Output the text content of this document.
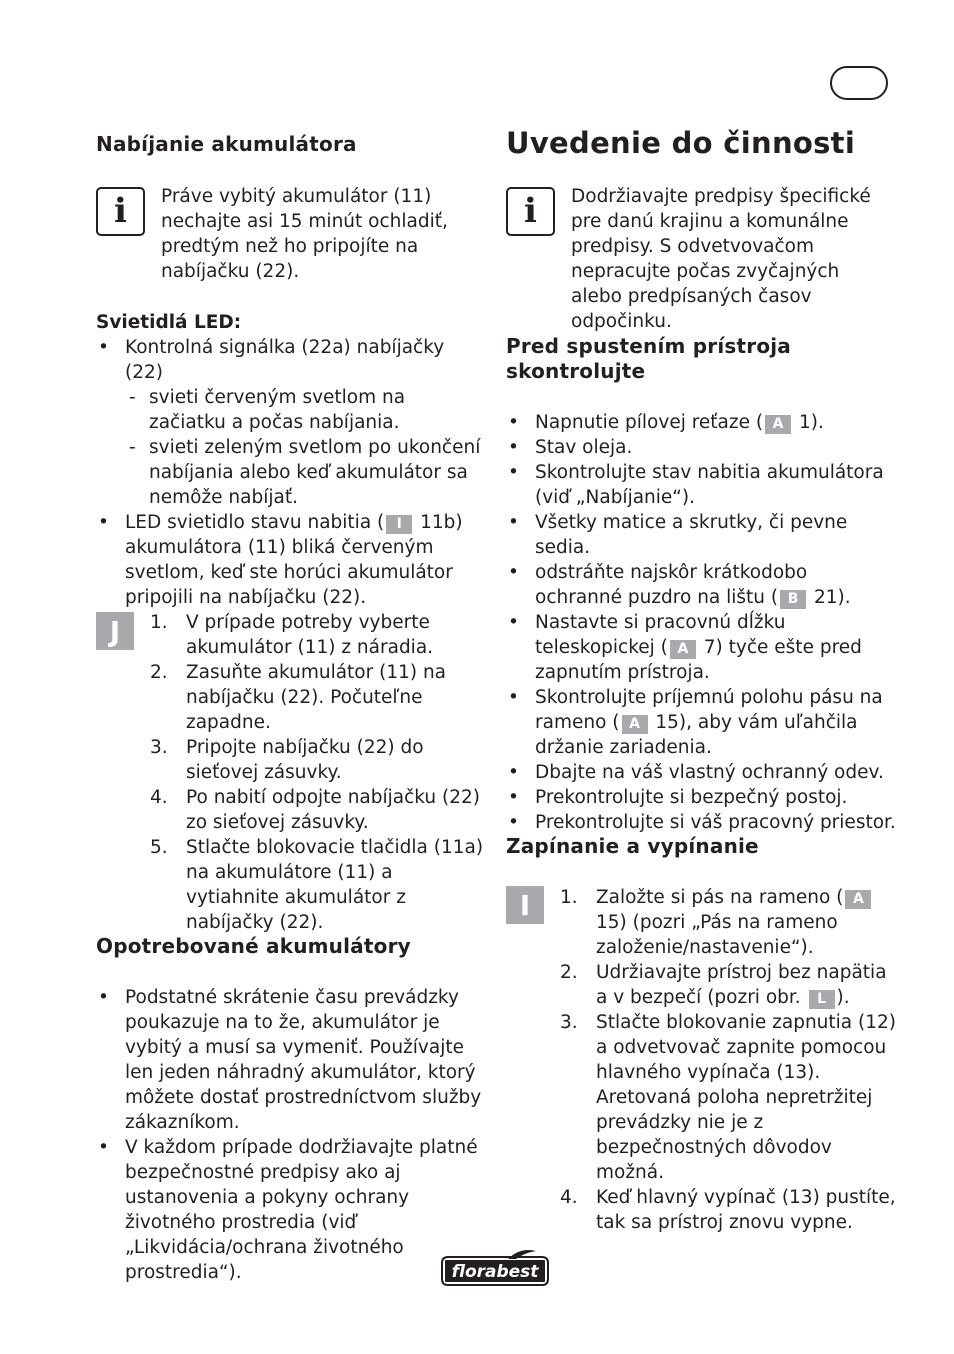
Nabíjanie akumulátora
i	Práve vybitý akumulátor (11) nechajte asi 15 minút ochladiť, predtým než ho pripojíte na nabíjačku (22).

Svietidlá LED:

• Kontrolná signálka (22a) nabíjačky (22)
- svieti červeným svetlom na začiatku a počas nabíjania.
- svieti zeleným svetlom po ukončení nabíjania alebo keď akumulátor sa nemôže nabíjať.
• LED svietidlo stavu nabitia ( I 11b) akumulátora (11) bliká červeným svetlom, keď ste horúci akumulátor pripojili na nabíjačku (22).
J	1. V prípade potreby vyberte akumulátor (11) z náradia.
2. Zasuňte akumulátor (11) na nabíjačku (22). Počuteľne zapadne.
3. Pripojte nabíjačku (22) do sieťovej zásuvky.
4. Po nabití odpojte nabíjačku (22) zo sieťovej zásuvky.
5. Stlačte blokovacie tlačidla (11a) na akumulátore (11) a vytiahnite akumulátor z nabíjačky (22).
Opotrebované akumulátory
• Podstatné skrátenie času prevádzky poukazuje na to že, akumulátor je vybitý a musí sa vymeniť. Používajte len jeden náhradný akumulátor, ktorý môžete dostať prostredníctvom služby zákazníkom.
• V každom prípade dodržiavajte platné bezpečnostné predpisy ako aj ustanovenia a pokyny ochrany životného prostredia (viď „Likvidácia/ochrana životného prostredia“).
Uvedenie do činnosti
i	Dodržiavajte predpisy špecifické pre danú krajinu a komunálne predpisy. S odvetvovačom nepracujte počas zvyčajných alebo predpísaných časov odpočinku.

Pred spustením prístroja skontrolujte
• Napnutie pílovej reťaze ( A 1).
• Stav oleja.
• Skontrolujte stav nabitia akumulátora (viď „Nabíjanie“).
• Všetky matice a skrutky, či pevne sedia.
• odstráňte najskôr krátkodobo ochranné puzdro na lištu ( B 21).
• Nastavte si pracovnú dĺžku teleskopickej ( A 7) tyče ešte pred zapnutím prístroja.
• Skontrolujte príjemnú polohu pásu na rameno ( A 15), aby vám uľahčila držanie zariadenia.
• Dbajte na váš vlastný ochranný odev.
• Prekontrolujte si bezpečný postoj.
• Prekontrolujte si váš pracovný priestor.
Zapínanie a vypínanie
I	1. Založte si pás na rameno ( A 15) (pozri „Pás na rameno založenie/nastavenie“).
2. Udržiavajte prístroj bez napätia a v bezpečí (pozri obr. L ).
3. Stlačte blokovanie zapnutia (12) a odvetvovač zapnite pomocou hlavného vypínača (13). Aretovaná poloha nepretržitej prevádzky nie je z bezpečnostných dôvodov možná.
4. Keď hlavný vypínač (13) pustíte, tak sa prístroj znovu vypne.
florabest
